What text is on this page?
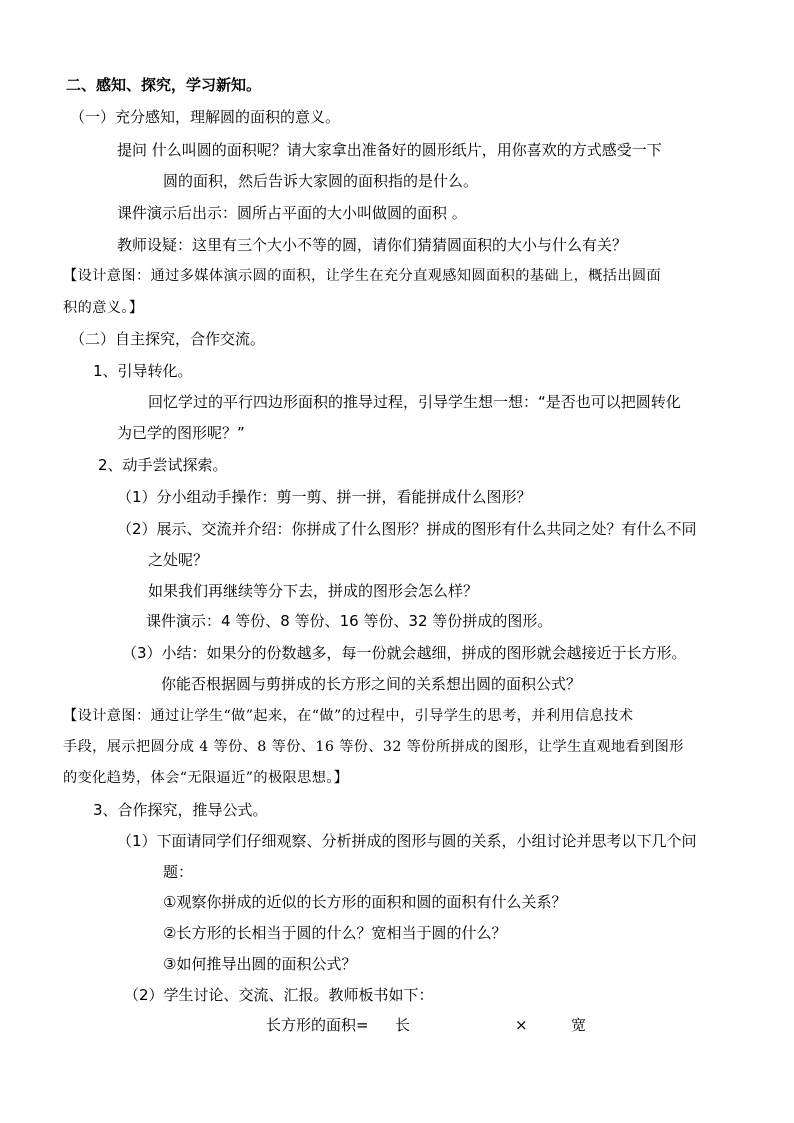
二、感知、探究，学习新知。
（一）充分感知，理解圆的面积的意义。
提问 什么叫圆的面积呢？请大家拿出准备好的圆形纸片，用你喜欢的方式感受一下
圆的面积，然后告诉大家圆的面积指的是什么。
课件演示后出示：圆所占平面的大小叫做圆的面积 。
教师设疑：这里有三个大小不等的圆，请你们猜猜圆面积的大小与什么有关？
【设计意图：通过多媒体演示圆的面积，让学生在充分直观感知圆面积的基础上，概括出圆面
积的意义。】
（二）自主探究，合作交流。
1、引导转化。
回忆学过的平行四边形面积的推导过程，引导学生想一想：“是否也可以把圆转化
为已学的图形呢？”
2、动手尝试探索。
（1）分小组动手操作：剪一剪、拼一拼，看能拼成什么图形？
（2）展示、交流并介绍：你拼成了什么图形？拼成的图形有什么共同之处？有什么不同
之处呢？
如果我们再继续等分下去，拼成的图形会怎么样？
课件演示：4 等份、8 等份、16 等份、32 等份拼成的图形。
（3）小结：如果分的份数越多，每一份就会越细，拼成的图形就会越接近于长方形。
你能否根据圆与剪拼成的长方形之间的关系想出圆的面积公式？
【设计意图：通过让学生“做”起来，在“做”的过程中，引导学生的思考，并利用信息技术
手段，展示把圆分成 4 等份、8 等份、16 等份、32 等份所拼成的图形，让学生直观地看到图形
的变化趋势，体会“无限逼近”的极限思想。】
3、合作探究，推导公式。
（1）下面请同学们仔细观察、分析拼成的图形与圆的关系，小组讨论并思考以下几个问
题：
①观察你拼成的近似的长方形的面积和圆的面积有什么关系？
②长方形的长相当于圆的什么？宽相当于圆的什么？
③如何推导出圆的面积公式？
（2）学生讨论、交流、汇报。教师板书如下：
长方形的面积= 长	×	宽
